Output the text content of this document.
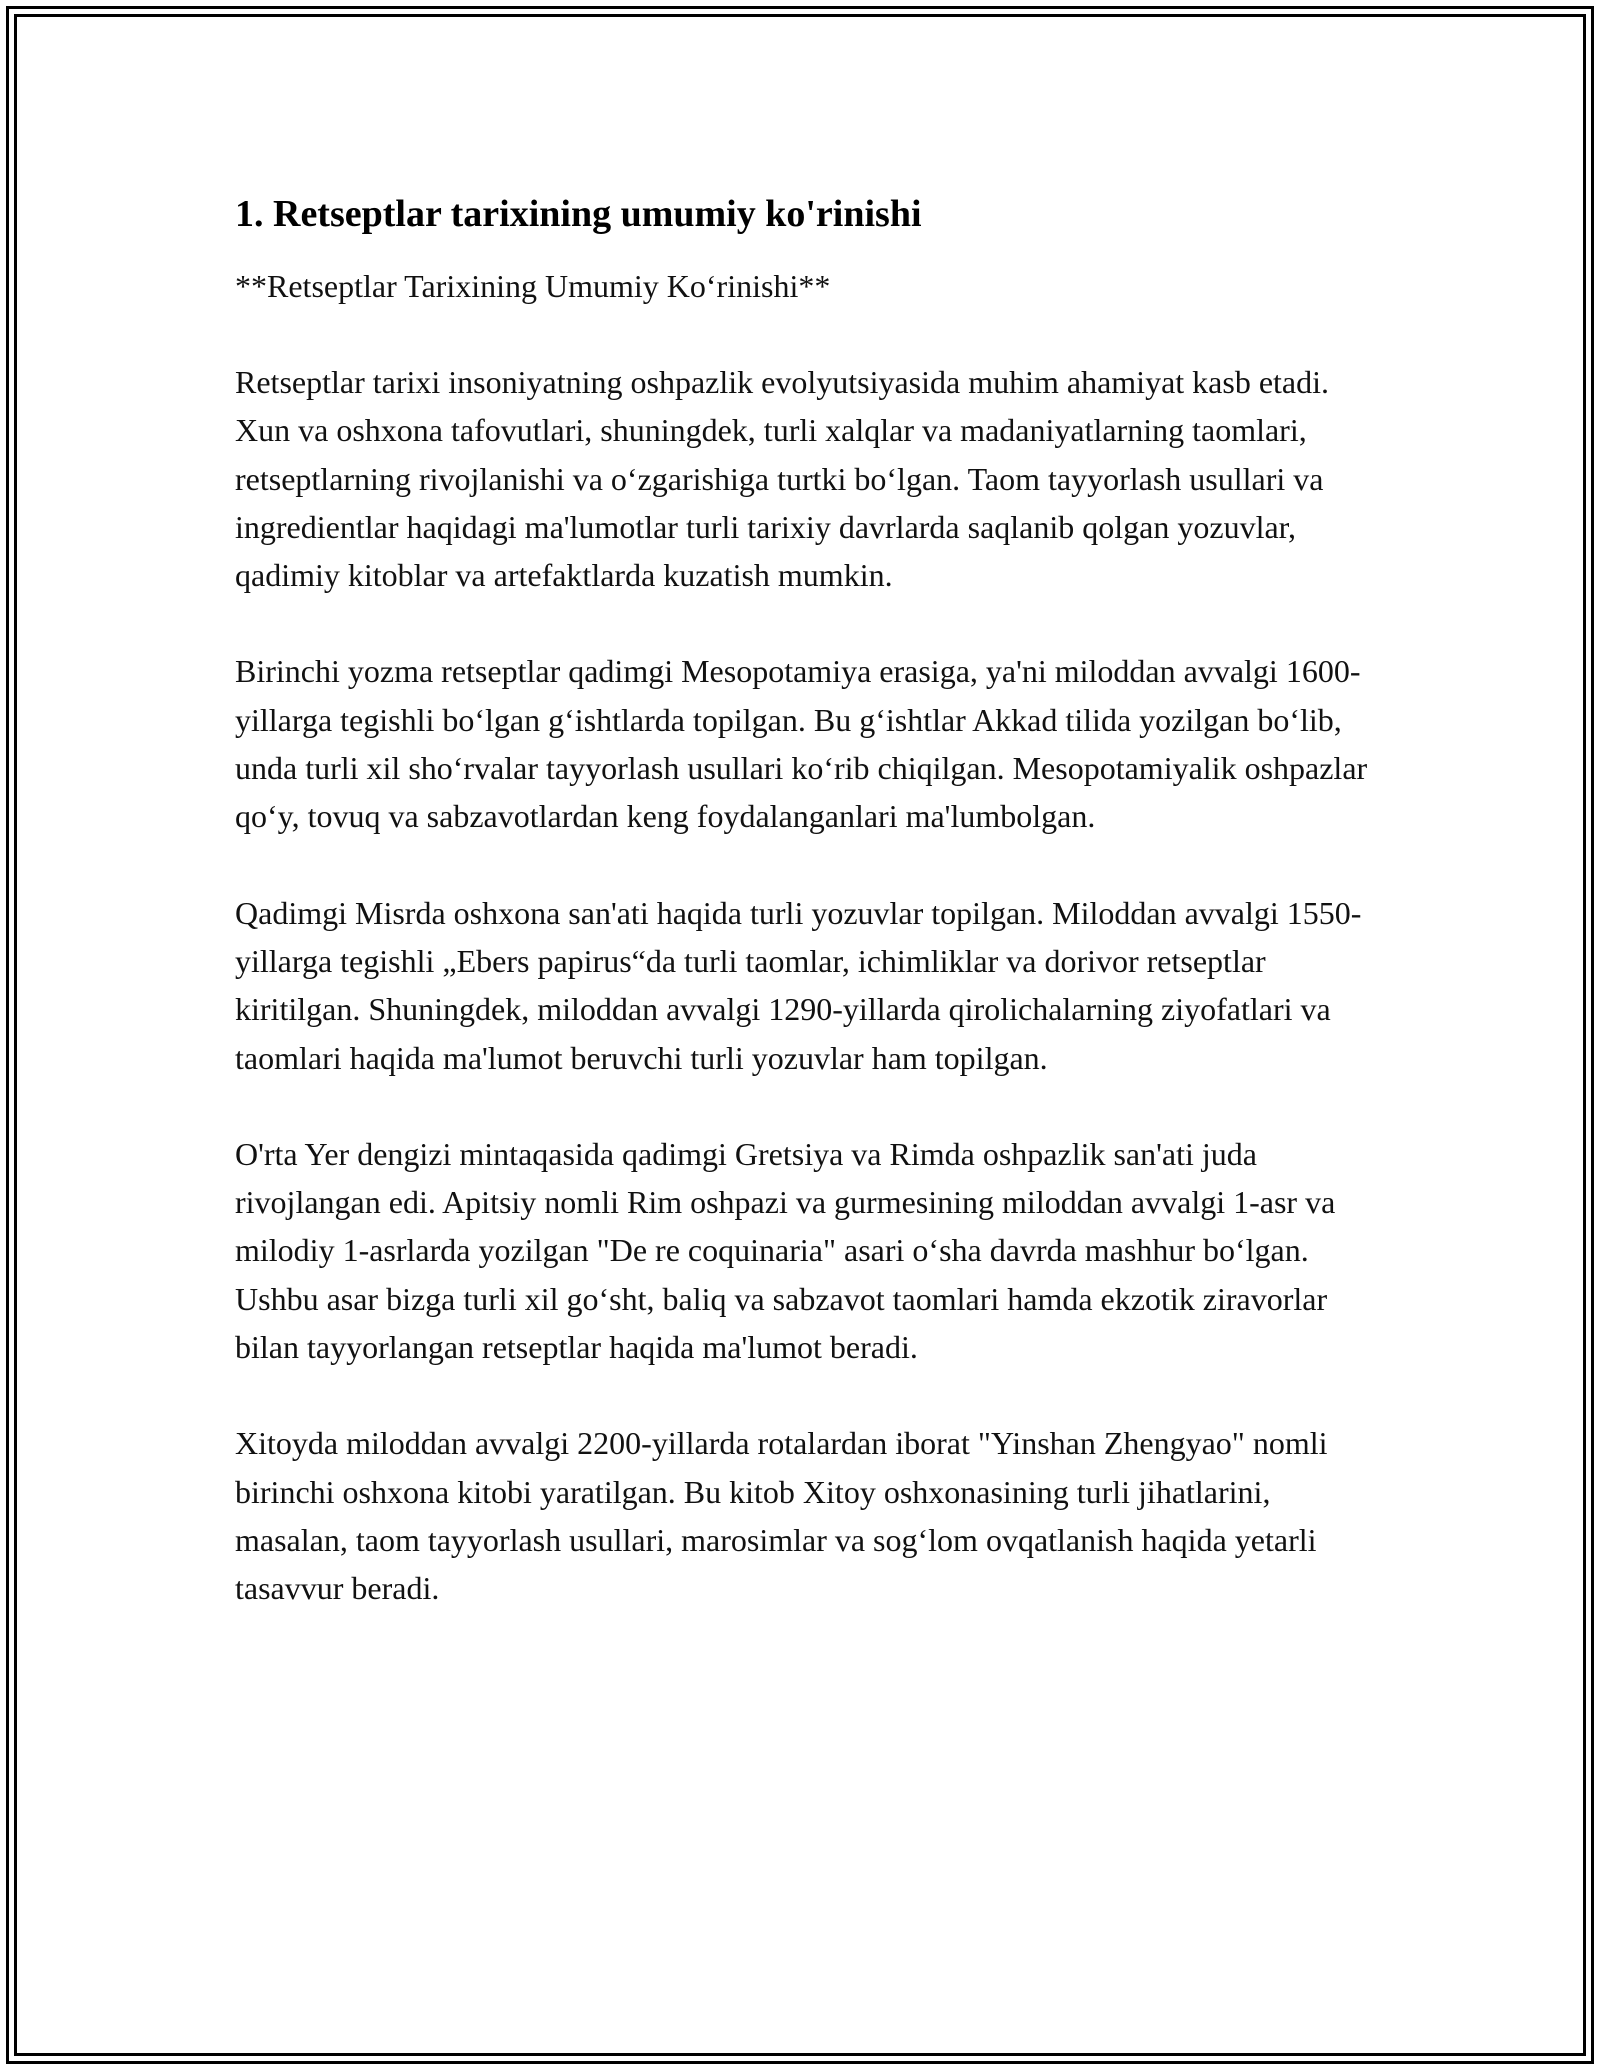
1. Retseptlar tarixining umumiy ko'rinishi

**Retseptlar Tarixining Umumiy Koʻrinishi**

Retseptlar tarixi insoniyatning oshpazlik evolyutsiyasida muhim ahamiyat kasb etadi. Xun va oshxona tafovutlari, shuningdek, turli xalqlar va madaniyatlarning taomlari, retseptlarning rivojlanishi va oʻzgarishiga turtki boʻlgan. Taom tayyorlash usullari va ingredientlar haqidagi ma'lumotlar turli tarixiy davrlarda saqlanib qolgan yozuvlar, qadimiy kitoblar va artefaktlarda kuzatish mumkin.

Birinchi yozma retseptlar qadimgi Mesopotamiya erasiga, ya'ni miloddan avvalgi 1600-yillarga tegishli boʻlgan gʻishtlarda topilgan. Bu gʻishtlar Akkad tilida yozilgan boʻlib, unda turli xil shoʻrvalar tayyorlash usullari koʻrib chiqilgan. Mesopotamiyalik oshpazlar qoʻy, tovuq va sabzavotlardan keng foydalanganlari ma'lumbolgan.

Qadimgi Misrda oshxona san'ati haqida turli yozuvlar topilgan. Miloddan avvalgi 1550-yillarga tegishli „Ebers papirus“da turli taomlar, ichimliklar va dorivor retseptlar kiritilgan. Shuningdek, miloddan avvalgi 1290-yillarda qirolichalarning ziyofatlari va taomlari haqida ma'lumot beruvchi turli yozuvlar ham topilgan.

O'rta Yer dengizi mintaqasida qadimgi Gretsiya va Rimda oshpazlik san'ati juda rivojlangan edi. Apitsiy nomli Rim oshpazi va gurmesining miloddan avvalgi 1-asr va milodiy 1-asrlarda yozilgan "De re coquinaria" asari oʻsha davrda mashhur boʻlgan. Ushbu asar bizga turli xil goʻsht, baliq va sabzavot taomlari hamda ekzotik ziravorlar bilan tayyorlangan retseptlar haqida ma'lumot beradi.

Xitoyda miloddan avvalgi 2200-yillarda rotalardan iborat "Yinshan Zhengyao" nomli birinchi oshxona kitobi yaratilgan. Bu kitob Xitoy oshxonasining turli jihatlarini, masalan, taom tayyorlash usullari, marosimlar va sogʻlom ovqatlanish haqida yetarli tasavvur beradi.
